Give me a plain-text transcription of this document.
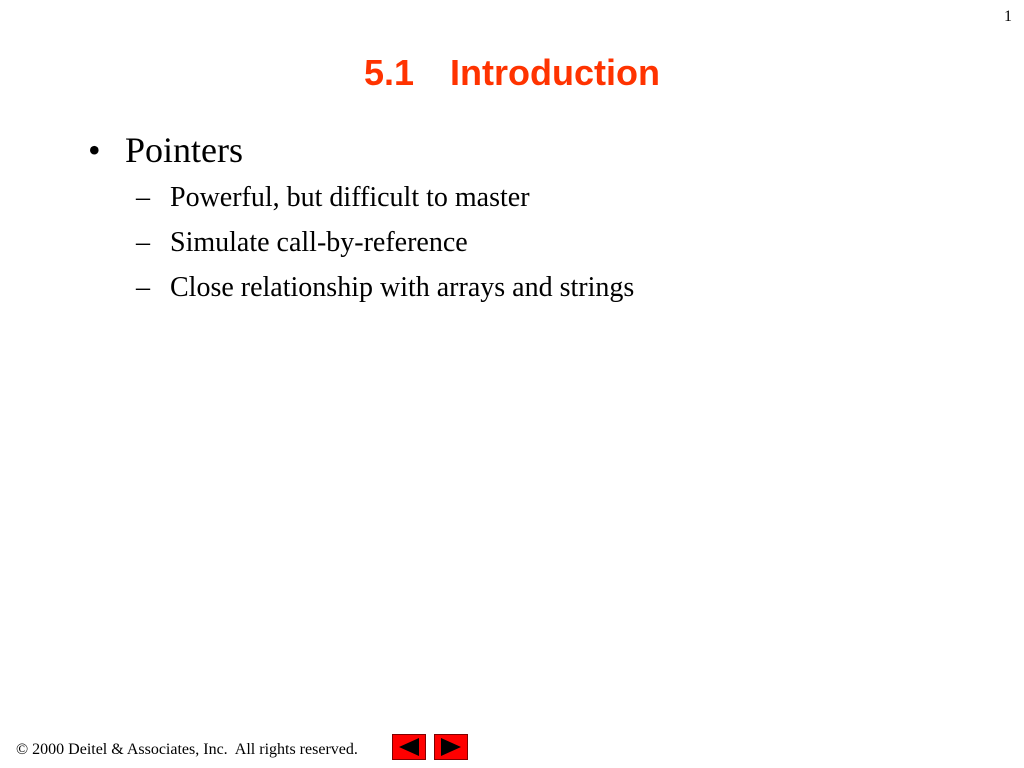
1
5.1 Introduction
• Pointers
– Powerful, but difficult to master
– Simulate call-by-reference
– Close relationship with arrays and strings
© 2000 Deitel & Associates, Inc.  All rights reserved.
